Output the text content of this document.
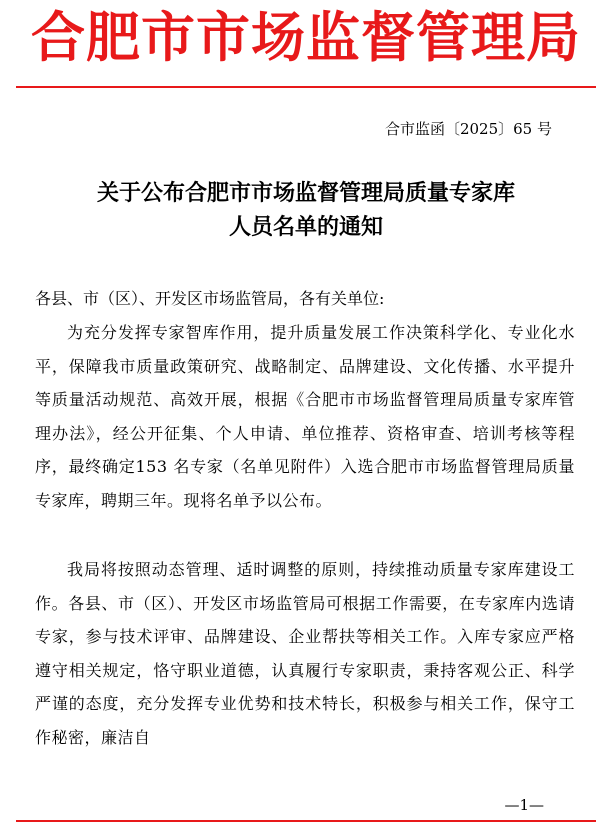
合肥市市场监督管理局
合市监函〔2025〕65 号
关于公布合肥市市场监督管理局质量专家库
人员名单的通知
各县、市（区）、开发区市场监管局，各有关单位:
为充分发挥专家智库作用，提升质量发展工作决策科学化、专业化水平，保障我市质量政策研究、战略制定、品牌建设、文化传播、水平提升等质量活动规范、高效开展，根据《合肥市市场监督管理局质量专家库管理办法》，经公开征集、个人申请、单位推荐、资格审查、培训考核等程序，最终确定153 名专家（名单见附件）入选合肥市市场监督管理局质量专家库，聘期三年。现将名单予以公布。
我局将按照动态管理、适时调整的原则，持续推动质量专家库建设工作。各县、市（区）、开发区市场监管局可根据工作需要，在专家库内选请专家，参与技术评审、品牌建设、企业帮扶等相关工作。入库专家应严格遵守相关规定，恪守职业道德，认真履行专家职责，秉持客观公正、科学严谨的态度，充分发挥专业优势和技术特长，积极参与相关工作，保守工作秘密，廉洁自
—1—
